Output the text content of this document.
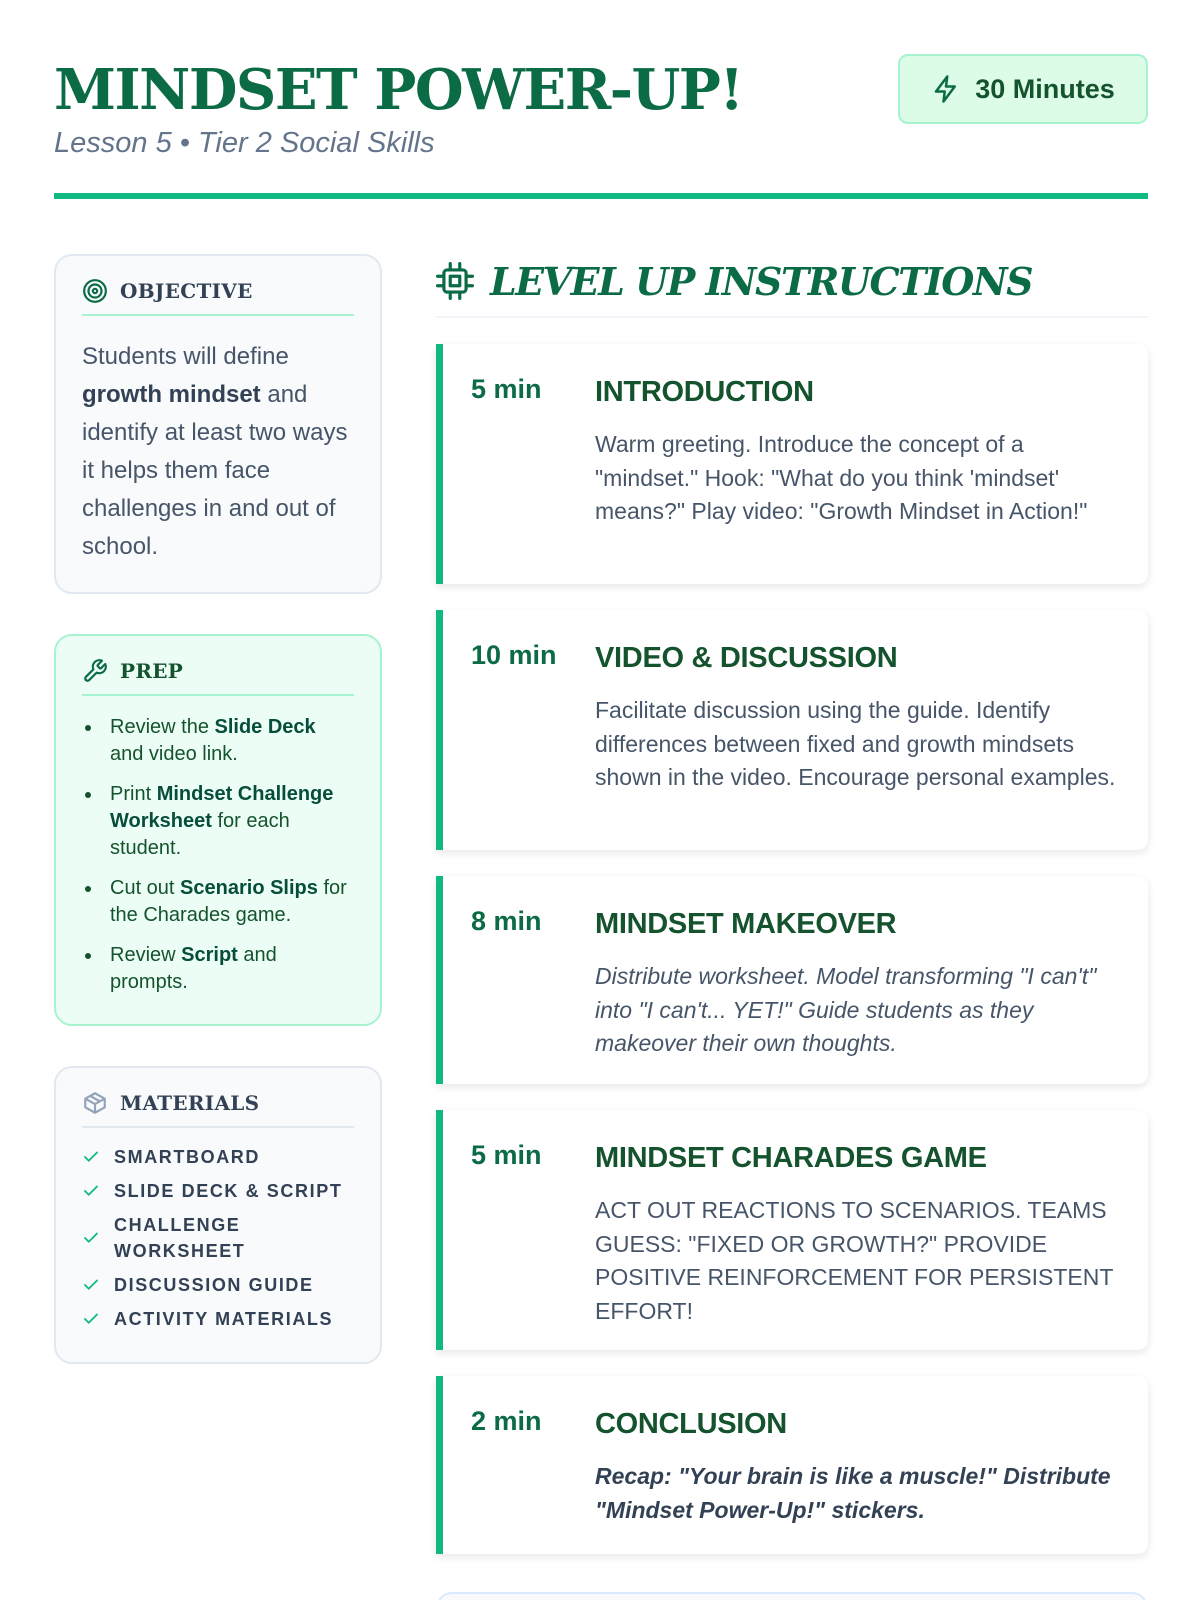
MINDSET POWER-UP!
Lesson 5 • Tier 2 Social Skills
30 Minutes
OBJECTIVE

Students will define growth mindset and identify at least two ways it helps them face challenges in and out of school.

PREP
Review the Slide Deck and video link.
Print Mindset Challenge Worksheet for each student.
Cut out Scenario Slips for the Charades game.
Review Script and prompts.
MATERIALS
SMARTBOARD
SLIDE DECK & SCRIPT
CHALLENGE WORKSHEET
DISCUSSION GUIDE
ACTIVITY MATERIALS
LEVEL UP INSTRUCTIONS
5 min INTRODUCTION
Warm greeting. Introduce the concept of a "mindset." Hook: "What do you think 'mindset' means?" Play video: "Growth Mindset in Action!"
10 min VIDEO & DISCUSSION
Facilitate discussion using the guide. Identify differences between fixed and growth mindsets shown in the video. Encourage personal examples.
8 min MINDSET MAKEOVER
Distribute worksheet. Model transforming "I can't" into "I can't... YET!" Guide students as they makeover their own thoughts.
5 min MINDSET CHARADES GAME
ACT OUT REACTIONS TO SCENARIOS. TEAMS GUESS: "FIXED OR GROWTH?" PROVIDE POSITIVE REINFORCEMENT FOR PERSISTENT EFFORT!
2 min CONCLUSION
Recap: "Your brain is like a muscle!" Distribute "Mindset Power-Up!" stickers.
